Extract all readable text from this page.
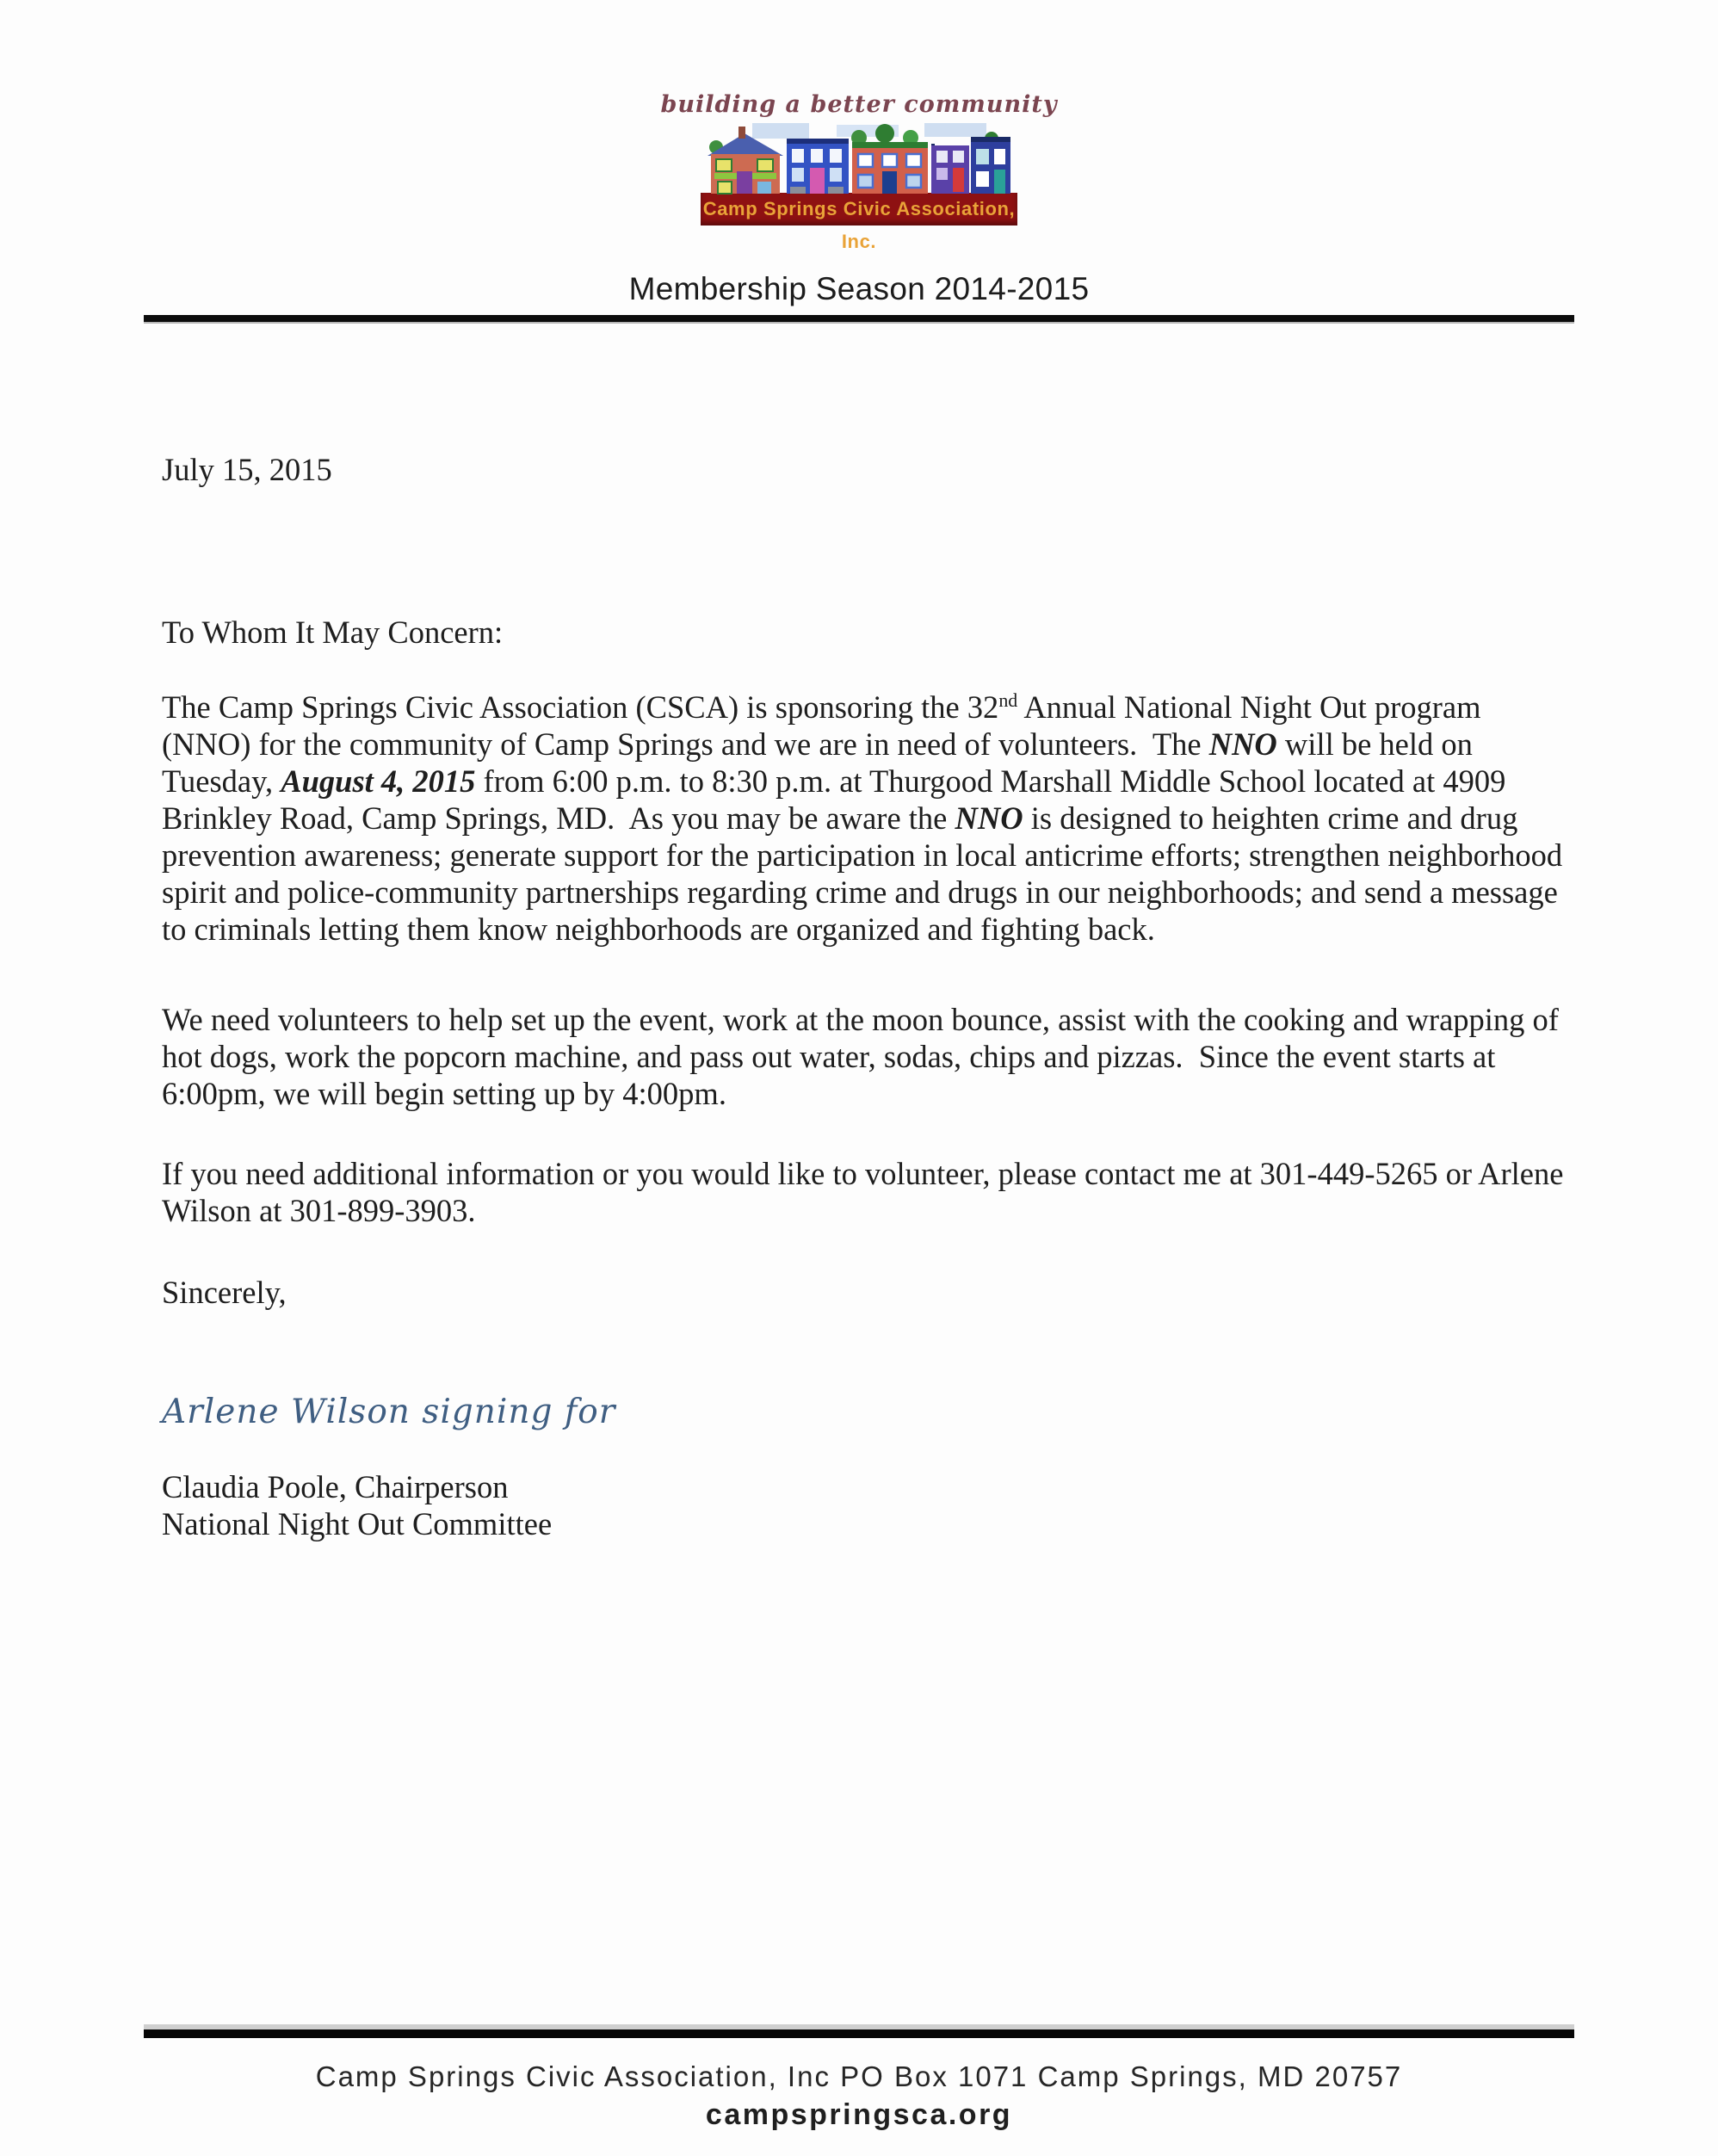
building a better community
Camp Springs Civic Association, Inc.
Membership Season 2014-2015
July 15, 2015
To Whom It May Concern:

The Camp Springs Civic Association (CSCA) is sponsoring the 32nd Annual National Night Out program (NNO) for the community of Camp Springs and we are in need of volunteers.  The NNO will be held on Tuesday, August 4, 2015 from 6:00 p.m. to 8:30 p.m. at Thurgood Marshall Middle School located at 4909 Brinkley Road, Camp Springs, MD.  As you may be aware the NNO is designed to heighten crime and drug prevention awareness; generate support for the participation in local anticrime efforts; strengthen neighborhood spirit and police-community partnerships regarding crime and drugs in our neighborhoods; and send a message to criminals letting them know neighborhoods are organized and fighting back.

We need volunteers to help set up the event, work at the moon bounce, assist with the cooking and wrapping of hot dogs, work the popcorn machine, and pass out water, sodas, chips and pizzas.  Since the event starts at 6:00pm, we will begin setting up by 4:00pm.

If you need additional information or you would like to volunteer, please contact me at 301-449-5265 or Arlene Wilson at 301-899-3903.

Sincerely,
Arlene Wilson signing for
Claudia Poole, Chairperson
National Night Out Committee
Camp Springs Civic Association, Inc PO Box 1071 Camp Springs, MD 20757
campspringsca.org
